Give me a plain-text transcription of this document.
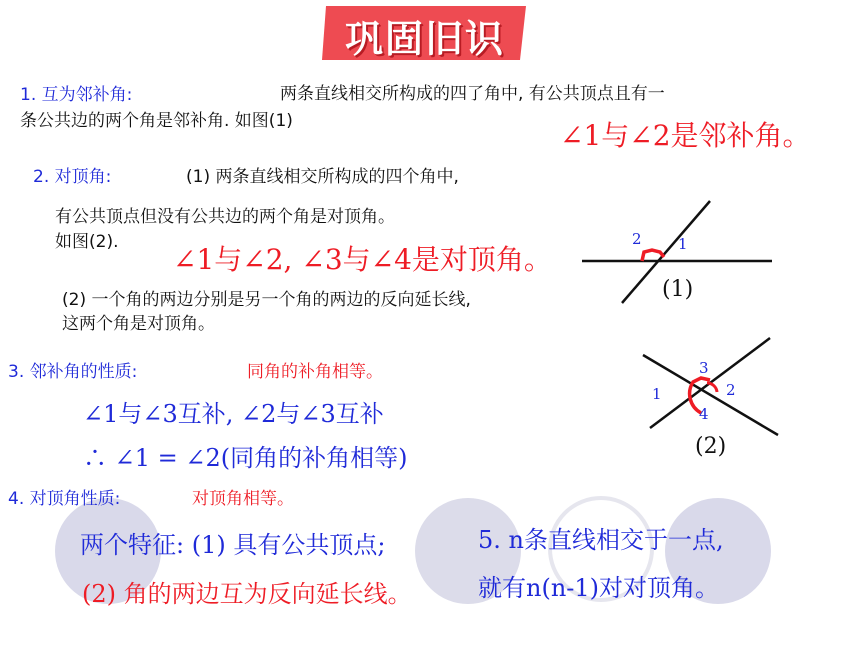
巩固旧识
1. 互为邻补角:	两条直线相交所构成的四了角中, 有公共顶点且有一
条公共边的两个角是邻补角. 如图(1)	∠1与∠2是邻补角。
2. 对顶角:	(1) 两条直线相交所构成的四个角中,
有公共顶点但没有公共边的两个角是对顶角。
如图(2).
∠1与∠2, ∠3与∠4是对顶角。
(2) 一个角的两边分别是另一个角的两边的反向延长线,
这两个角是对顶角。
3. 邻补角的性质:	同角的补角相等。
∠1与∠3互补, ∠2与∠3互补
∴ ∠1 = ∠2(同角的补角相等)
4. 对顶角性质:	对顶角相等。
两个特征: (1) 具有公共顶点;
(2) 角的两边互为反向延长线。
5. n条直线相交于一点,
就有n(n-1)对对顶角。
2 1
(1)
3
1	2
4
(2)
